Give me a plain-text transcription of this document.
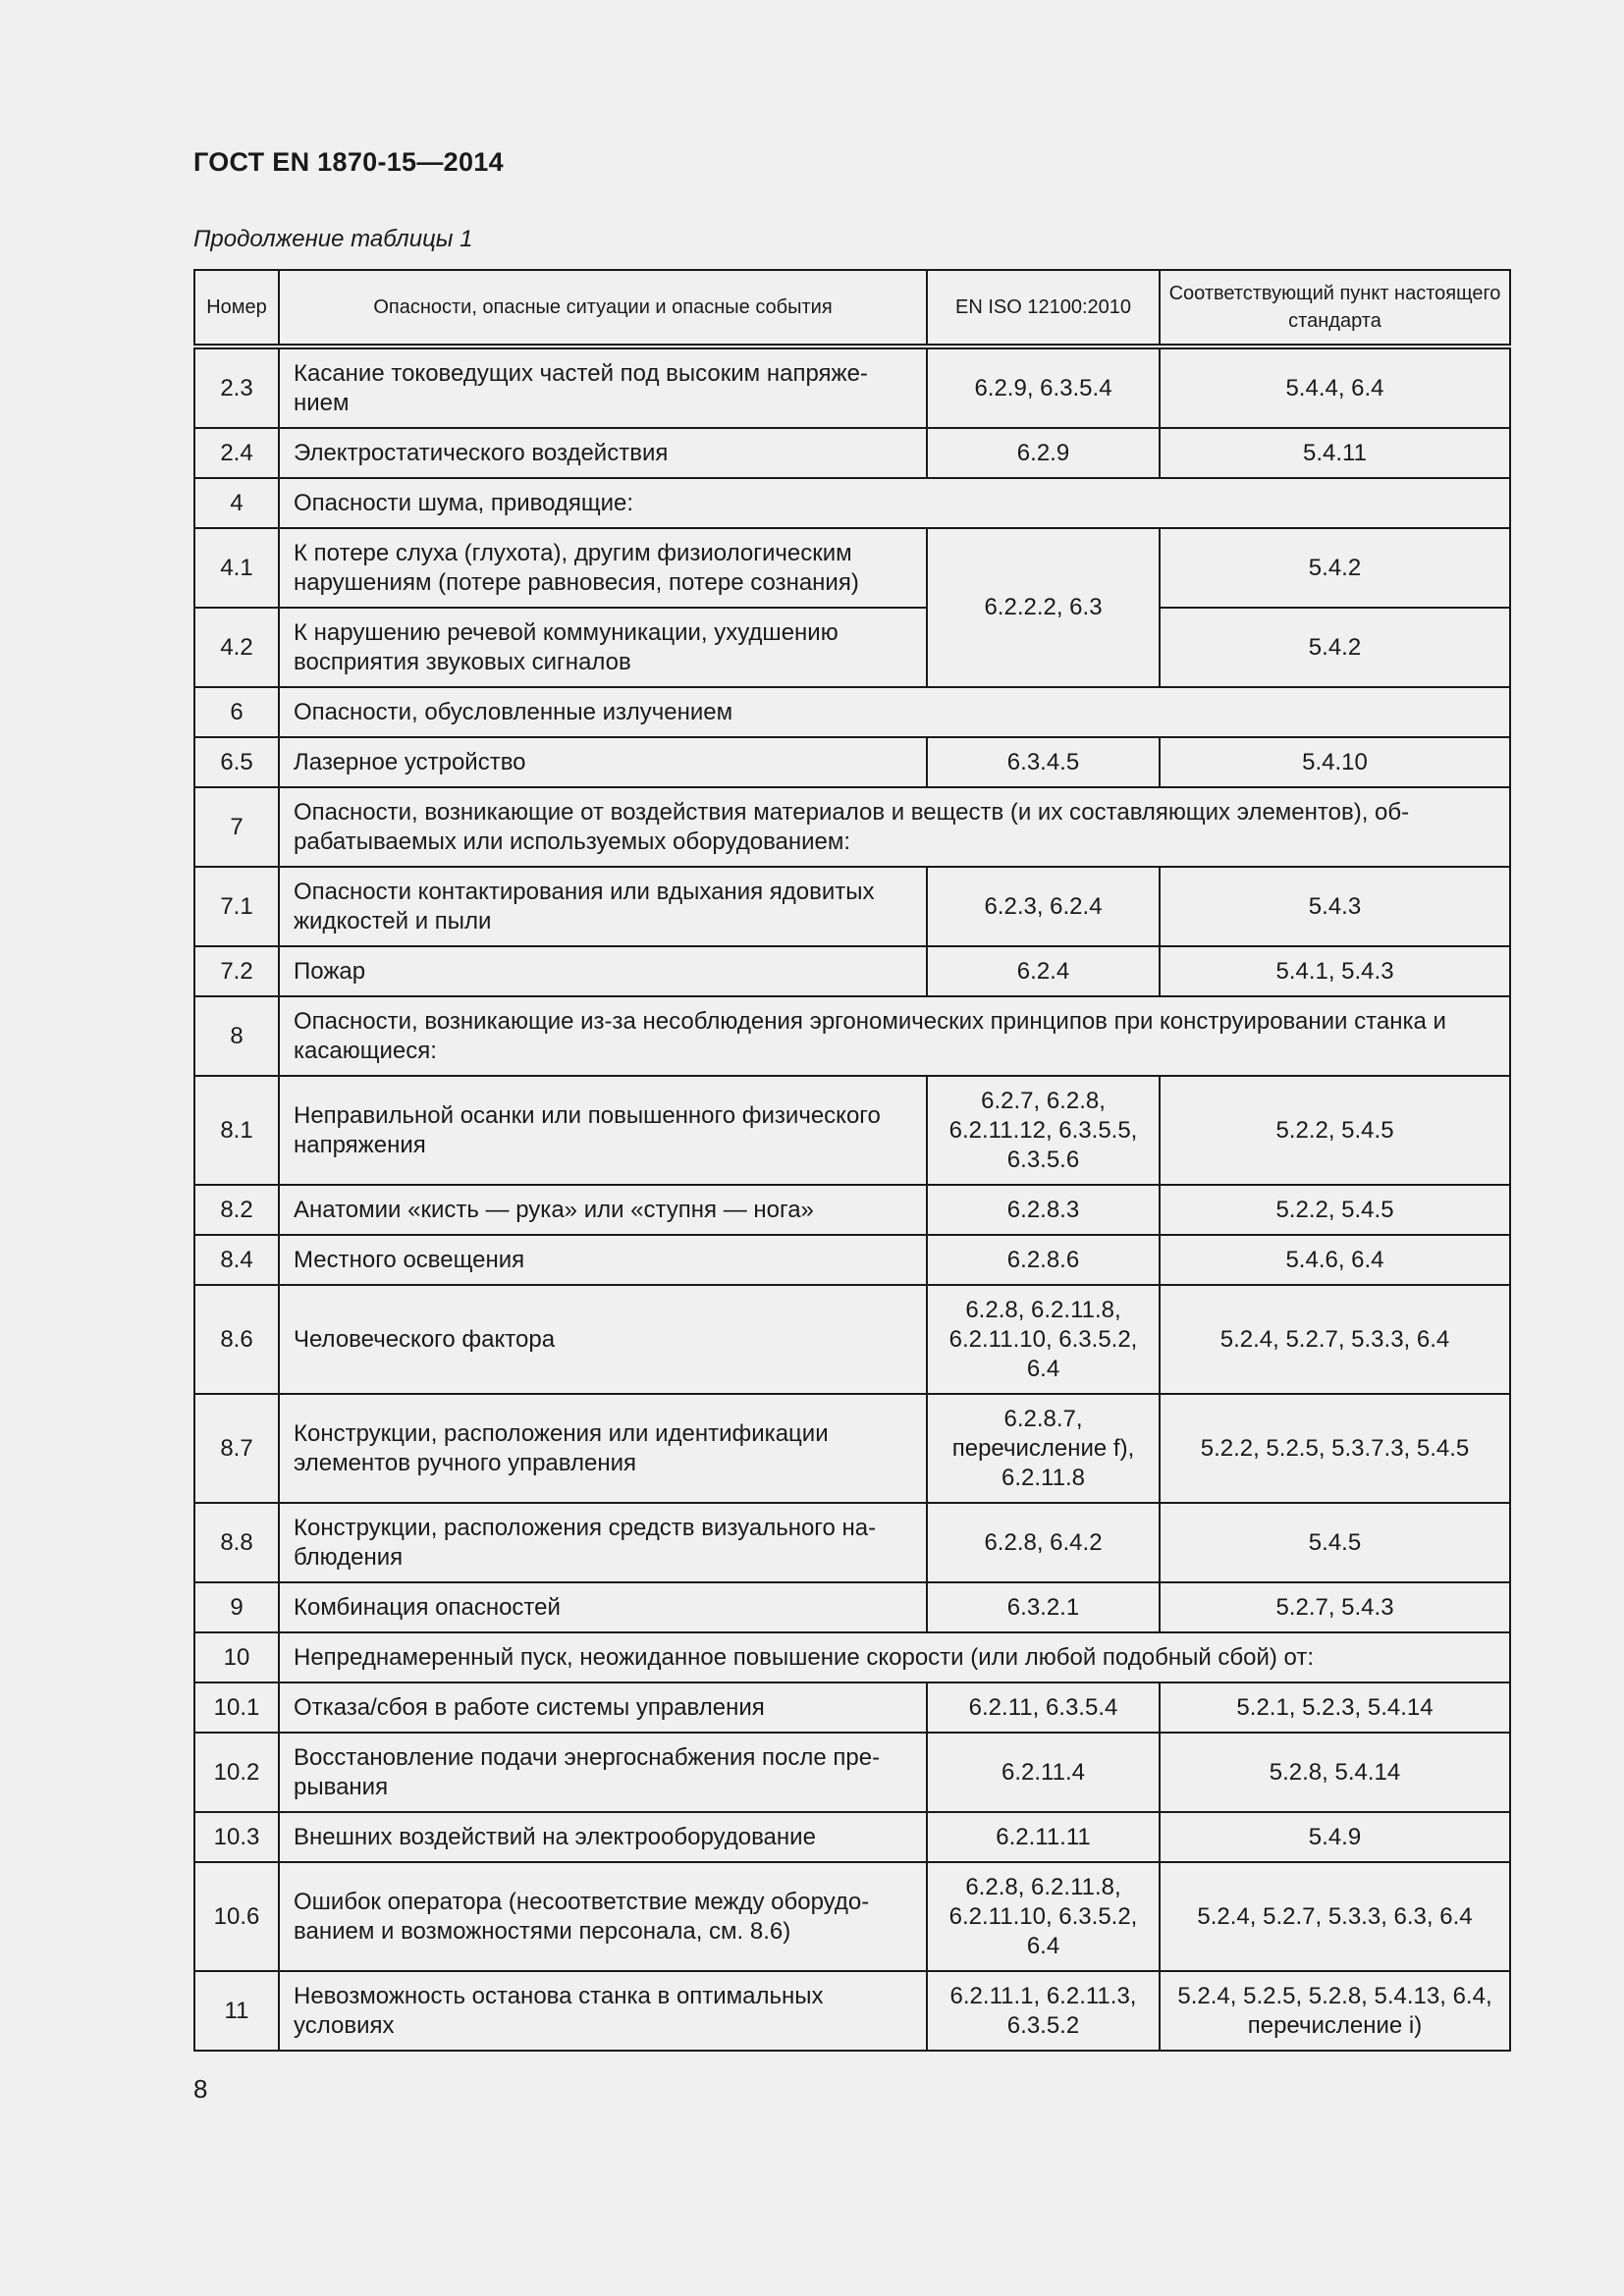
ГОСТ EN 1870-15—2014
Продолжение таблицы 1
Номер	Опасности, опасные ситуации и опасные события	EN ISO 12100:2010	Соответствующий пункт настоящего стандарта
2.3	Касание токоведущих частей под высоким напряже-нием	6.2.9, 6.3.5.4	5.4.4, 6.4
2.4	Электростатического воздействия	6.2.9	5.4.11
4	Опасности шума, приводящие:		
4.1	К потере слуха (глухота), другим физиологическим нарушениям (потере равновесия, потере сознания)	6.2.2.2, 6.3	5.4.2
4.2	К нарушению речевой коммуникации, ухудшению восприятия звуковых сигналов		5.4.2
6	Опасности, обусловленные излучением		
6.5	Лазерное устройство	6.3.4.5	5.4.10
7	Опасности, возникающие от воздействия материалов и веществ (и их составляющих элементов), об-рабатываемых или используемых оборудованием:		
7.1	Опасности контактирования или вдыхания ядовитых жидкостей и пыли	6.2.3, 6.2.4	5.4.3
7.2	Пожар	6.2.4	5.4.1, 5.4.3
8	Опасности, возникающие из-за несоблюдения эргономических принципов при конструировании станка и касающиеся:		
8.1	Неправильной осанки или повышенного физического напряжения	6.2.7, 6.2.8, 6.2.11.12, 6.3.5.5, 6.3.5.6	5.2.2, 5.4.5
8.2	Анатомии «кисть — рука» или «ступня — нога»	6.2.8.3	5.2.2, 5.4.5
8.4	Местного освещения	6.2.8.6	5.4.6, 6.4
8.6	Человеческого фактора	6.2.8, 6.2.11.8, 6.2.11.10, 6.3.5.2, 6.4	5.2.4, 5.2.7, 5.3.3, 6.4
8.7	Конструкции, расположения или идентификации элементов ручного управления	6.2.8.7, перечисление f), 6.2.11.8	5.2.2, 5.2.5, 5.3.7.3, 5.4.5
8.8	Конструкции, расположения средств визуального на-блюдения	6.2.8, 6.4.2	5.4.5
9	Комбинация опасностей	6.3.2.1	5.2.7, 5.4.3
10	Непреднамеренный пуск, неожиданное повышение скорости (или любой подобный сбой) от:		
10.1	Отказа/сбоя в работе системы управления	6.2.11, 6.3.5.4	5.2.1, 5.2.3, 5.4.14
10.2	Восстановление подачи энергоснабжения после пре-рывания	6.2.11.4	5.2.8, 5.4.14
10.3	Внешних воздействий на электрооборудование	6.2.11.11	5.4.9
10.6	Ошибок оператора (несоответствие между оборудо-ванием и возможностями персонала, см. 8.6)	6.2.8, 6.2.11.8, 6.2.11.10, 6.3.5.2, 6.4	5.2.4, 5.2.7, 5.3.3, 6.3, 6.4
11	Невозможность останова станка в оптимальных условиях	6.2.11.1, 6.2.11.3, 6.3.5.2	5.2.4, 5.2.5, 5.2.8, 5.4.13, 6.4, перечисление i)
8
